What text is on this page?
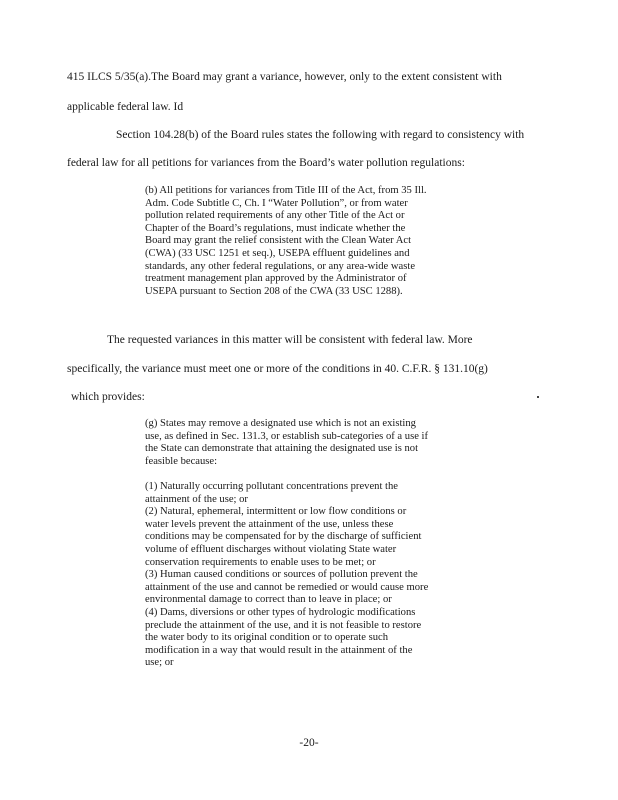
415 ILCS 5/35(a).The Board may grant a variance, however, only to the extent consistent with
applicable federal law. Id
Section 104.28(b) of the Board rules states the following with regard to consistency with
federal law for all petitions for variances from the Board’s water pollution regulations:
(b) All petitions for variances from Title III of the Act, from 35 Ill.
Adm. Code Subtitle C, Ch. I “Water Pollution”, or from water
pollution related requirements of any other Title of the Act or
Chapter of the Board’s regulations, must indicate whether the
Board may grant the relief consistent with the Clean Water Act
(CWA) (33 USC 1251 et seq.), USEPA effluent guidelines and
standards, any other federal regulations, or any area-wide waste
treatment management plan approved by the Administrator of
USEPA pursuant to Section 208 of the CWA (33 USC 1288).
The requested variances in this matter will be consistent with federal law. More
specifically, the variance must meet one or more of the conditions in 40. C.F.R. § 131.10(g)
which provides:
(g) States may remove a designated use which is not an existing
use, as defined in Sec. 131.3, or establish sub-categories of a use if
the State can demonstrate that attaining the designated use is not
feasible because:
(1) Naturally occurring pollutant concentrations prevent the
attainment of the use; or
(2) Natural, ephemeral, intermittent or low flow conditions or
water levels prevent the attainment of the use, unless these
conditions may be compensated for by the discharge of sufficient
volume of effluent discharges without violating State water
conservation requirements to enable uses to be met; or
(3) Human caused conditions or sources of pollution prevent the
attainment of the use and cannot be remedied or would cause more
environmental damage to correct than to leave in place; or
(4) Dams, diversions or other types of hydrologic modifications
preclude the attainment of the use, and it is not feasible to restore
the water body to its original condition or to operate such
modification in a way that would result in the attainment of the
use; or
-20-
